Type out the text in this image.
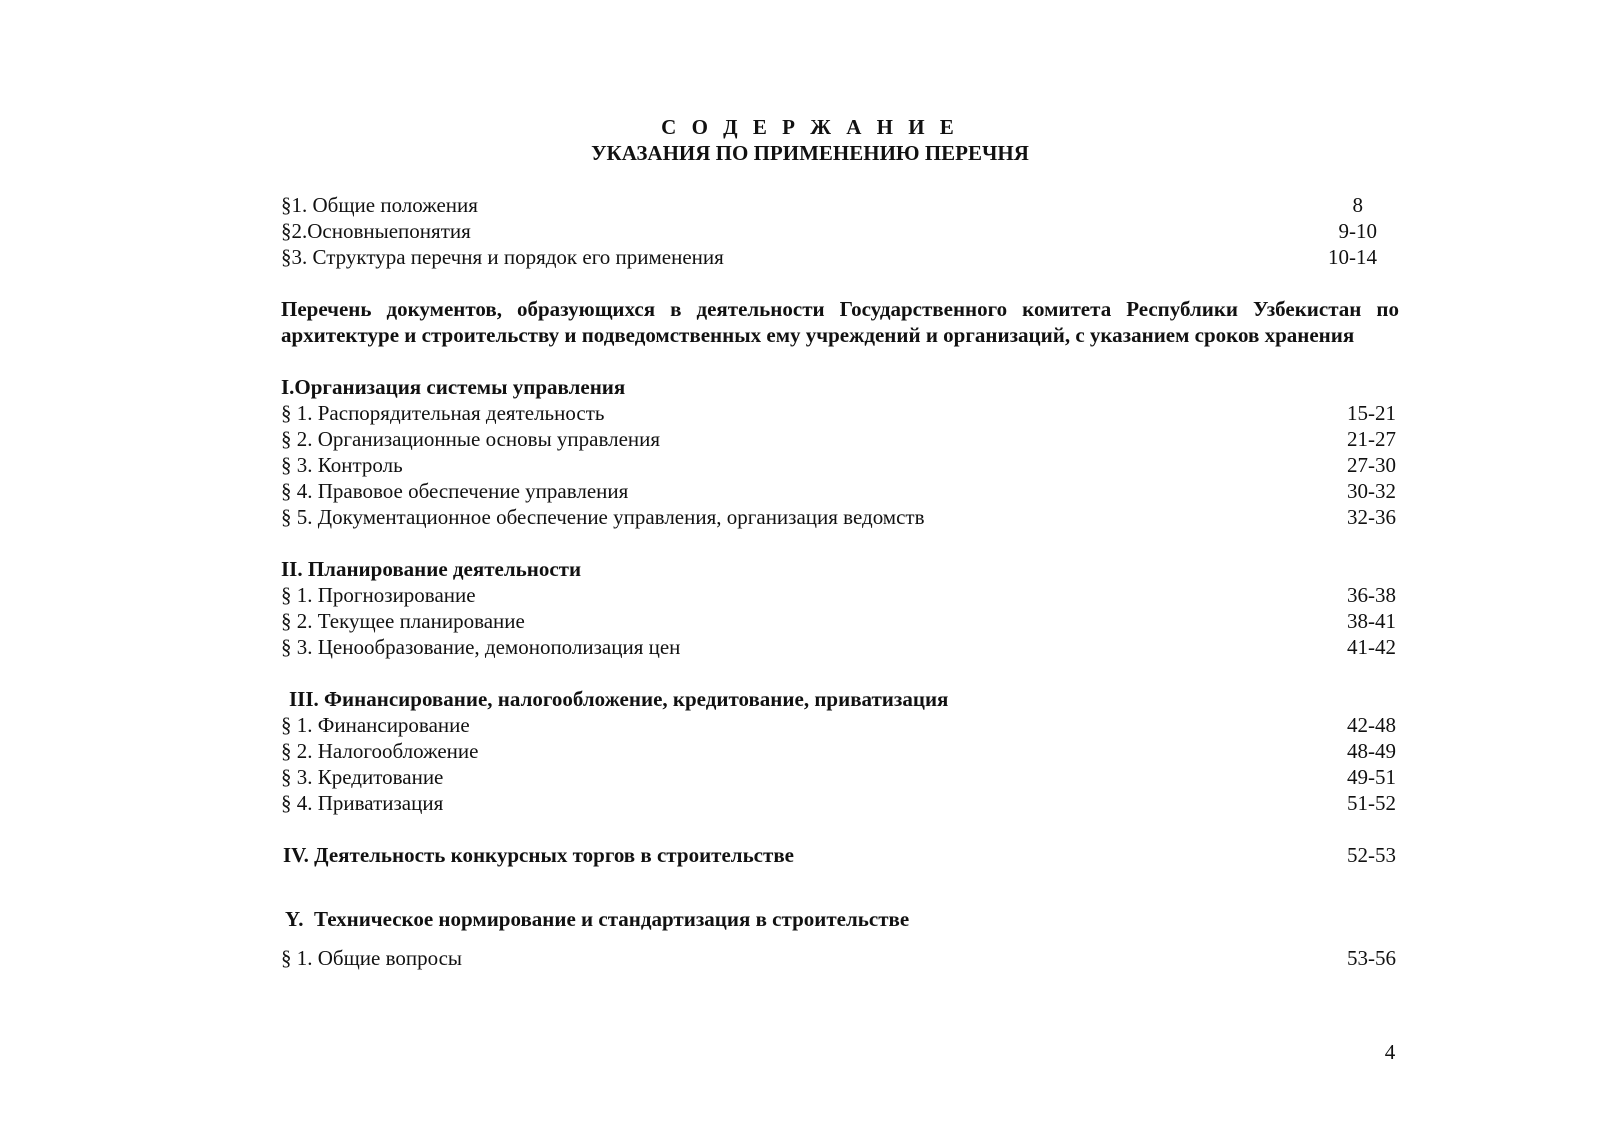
С О Д Е Р Ж А Н И Е
УКАЗАНИЯ ПО ПРИМЕНЕНИЮ ПЕРЕЧНЯ
§1. Общие положения	8
§2.Основныепонятия	9-10
§3. Структура перечня и порядок его применения	10-14
Перечень документов, образующихся в деятельности Государственного комитета Республики Узбекистан по архитектуре и строительству и подведомственных ему учреждений и организаций, с указанием сроков хранения
I.Организация системы управления
§ 1. Распорядительная деятельность	15-21
§ 2. Организационные основы управления	21-27
§ 3. Контроль	27-30
§ 4. Правовое обеспечение управления	30-32
§ 5. Документационное обеспечение управления, организация ведомств	32-36
II. Планирование деятельности
§ 1. Прогнозирование	36-38
§ 2. Текущее планирование	38-41
§ 3. Ценообразование, демонополизация цен	41-42
III. Финансирование, налогообложение, кредитование, приватизация
§ 1. Финансирование	42-48
§ 2. Налогообложение	48-49
§ 3. Кредитование	49-51
§ 4. Приватизация	51-52
IV. Деятельность конкурсных торгов в строительстве	52-53
Y.  Техническое нормирование и стандартизация в строительстве
§ 1. Общие вопросы	53-56
4
